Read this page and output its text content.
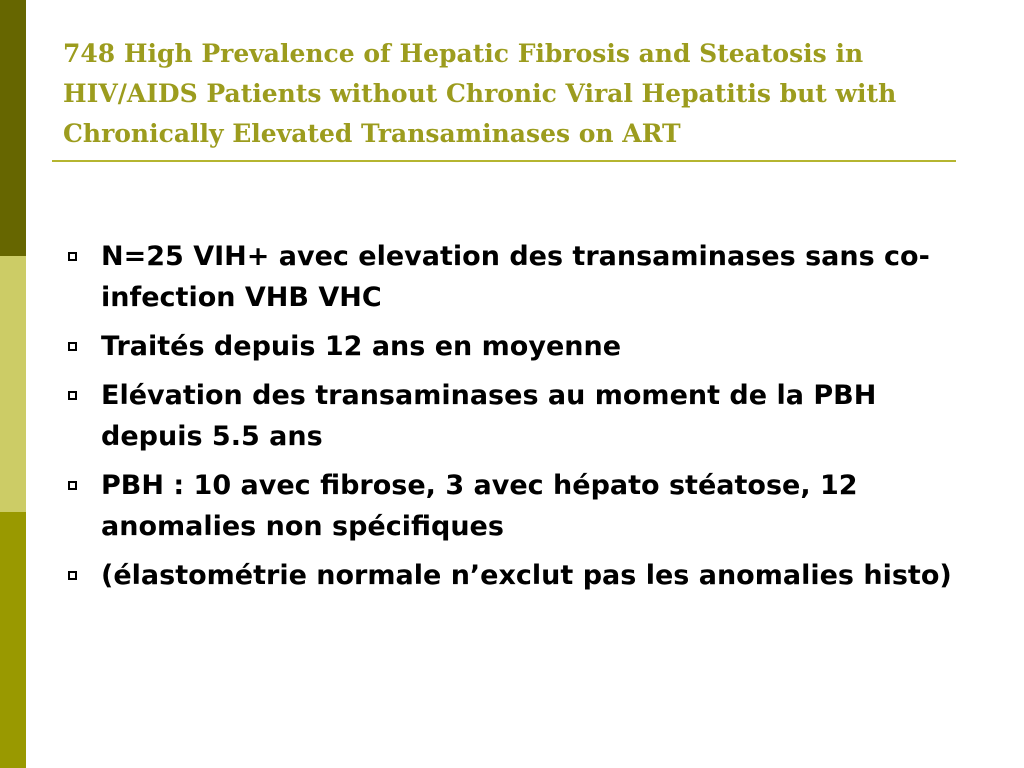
748 High Prevalence of Hepatic Fibrosis and Steatosis in HIV/AIDS Patients without Chronic Viral Hepatitis but with Chronically Elevated Transaminases on ART
N=25 VIH+ avec elevation des transaminases sans co-infection VHB VHC
Traités depuis 12 ans en moyenne
Elévation des transaminases au moment de la PBH depuis 5.5 ans
PBH : 10 avec fibrose, 3 avec hépato stéatose, 12 anomalies non spécifiques
(élastométrie normale n’exclut pas les anomalies histo)
